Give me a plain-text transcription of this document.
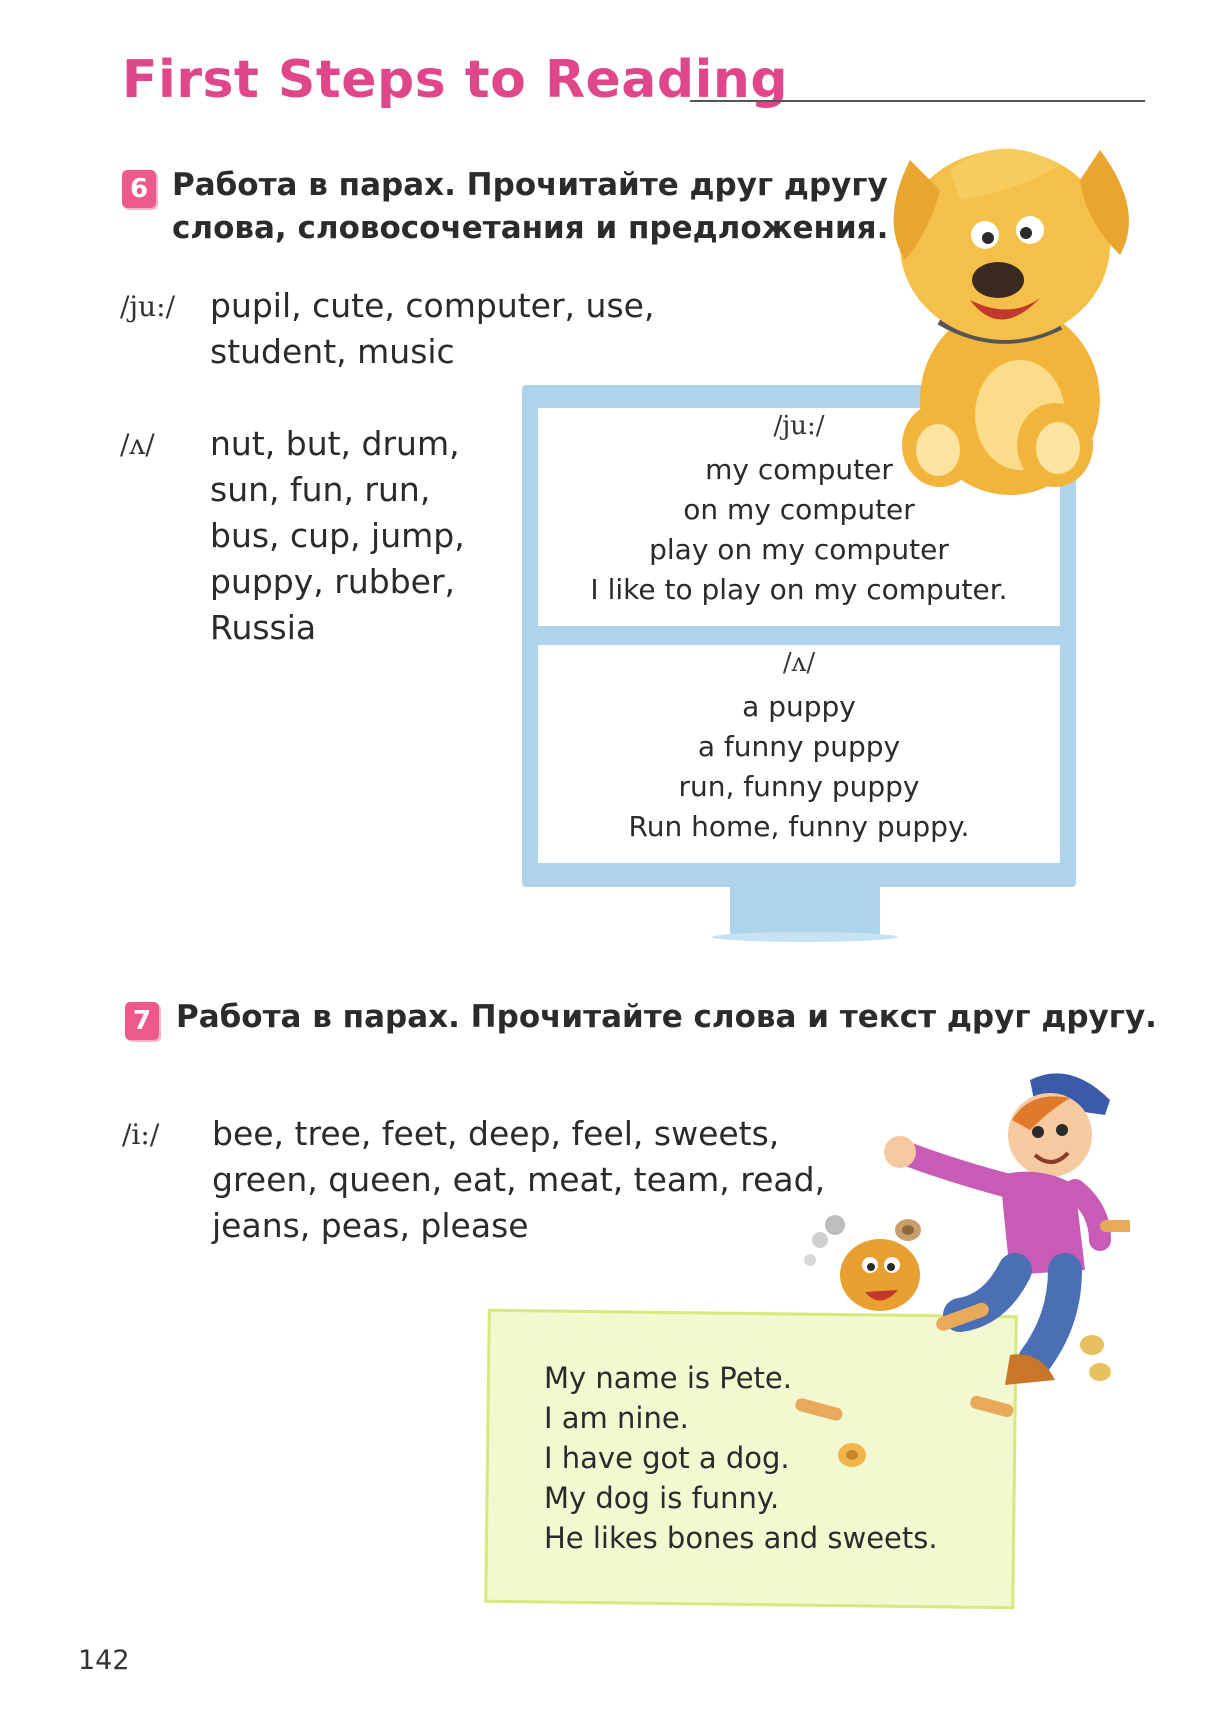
First Steps to Reading
6 Работа в парах. Прочитайте друг другу
слова, словосочетания и предложения.
/ju:/ pupil, cute, computer, use,
student, music
/ʌ/ nut, but, drum,
sun, fun, run,
bus, cup, jump,
puppy, rubber,
Russia
/ju:/
my computer
on my computer
play on my computer
I like to play on my computer.
/ʌ/
a puppy
a funny puppy
run, funny puppy
Run home, funny puppy.
7 Работа в парах. Прочитайте слова и текст друг другу.
/i:/ bee, tree, feet, deep, feel, sweets,
green, queen, eat, meat, team, read,
jeans, peas, please
My name is Pete.
I am nine.
I have got a dog.
My dog is funny.
He likes bones and sweets.
142
